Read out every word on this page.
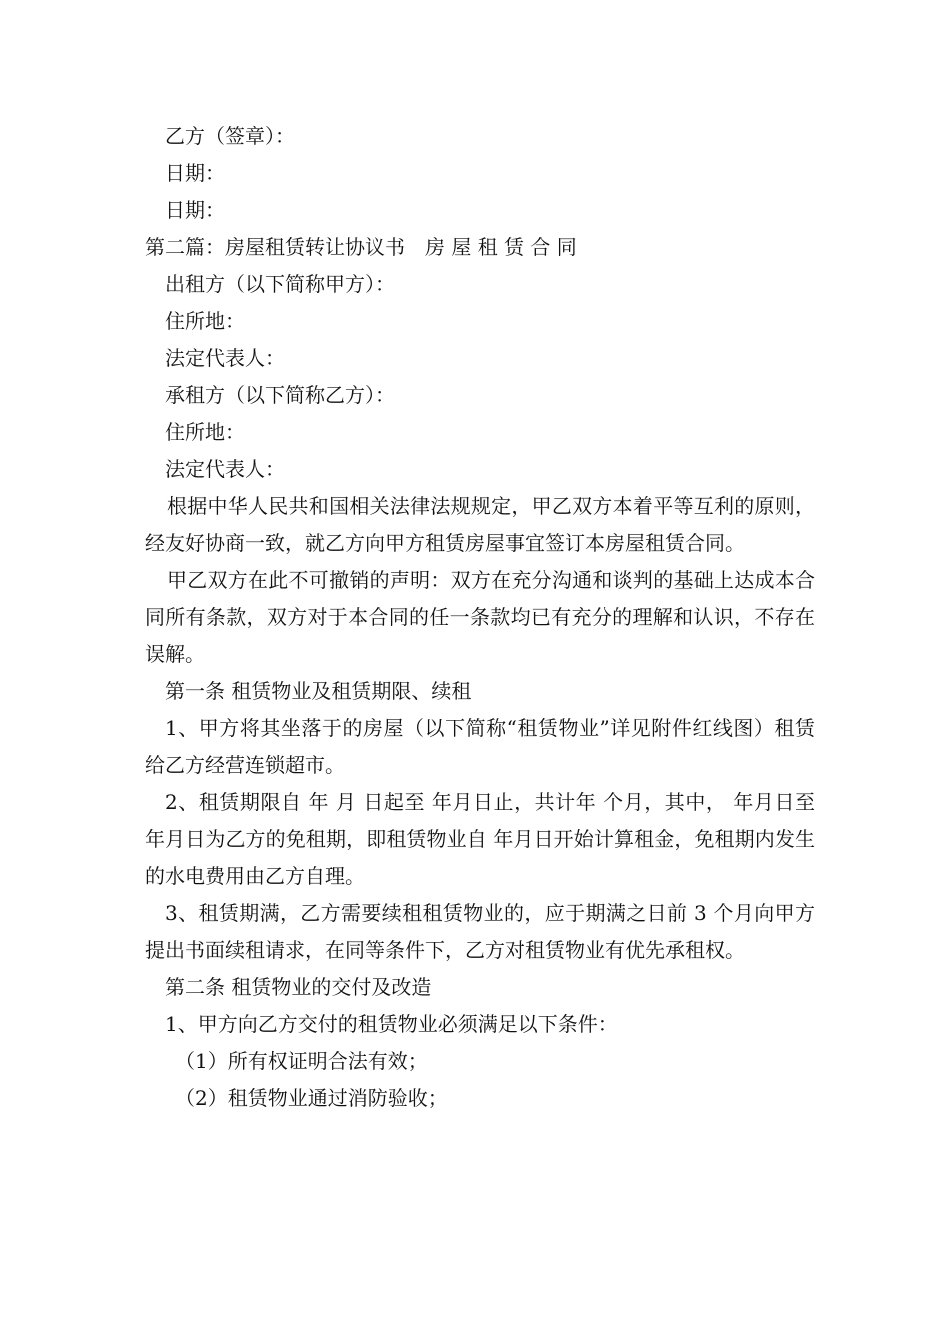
乙方（签章）：

日期：

日期：

第二篇：房屋租赁转让协议书　房 屋 租 赁 合 同

出租方（以下简称甲方）：

住所地：

法定代表人：

承租方（以下简称乙方）：

住所地：

法定代表人：

根据中华人民共和国相关法律法规规定，甲乙双方本着平等互利的原则，经友好协商一致，就乙方向甲方租赁房屋事宜签订本房屋租赁合同。

甲乙双方在此不可撤销的声明：双方在充分沟通和谈判的基础上达成本合同所有条款，双方对于本合同的任一条款均已有充分的理解和认识，不存在误解。

第一条 租赁物业及租赁期限、续租

1、甲方将其坐落于的房屋（以下简称“租赁物业”详见附件红线图）租赁给乙方经营连锁超市。

2、租赁期限自 年 月 日起至 年月日止，共计年 个月，其中， 年月日至 年月日为乙方的免租期，即租赁物业自 年月日开始计算租金，免租期内发生的水电费用由乙方自理。

3、租赁期满，乙方需要续租租赁物业的，应于期满之日前 3 个月向甲方提出书面续租请求，在同等条件下，乙方对租赁物业有优先承租权。

第二条 租赁物业的交付及改造

1、甲方向乙方交付的租赁物业必须满足以下条件：

（1）所有权证明合法有效；

（2）租赁物业通过消防验收；
